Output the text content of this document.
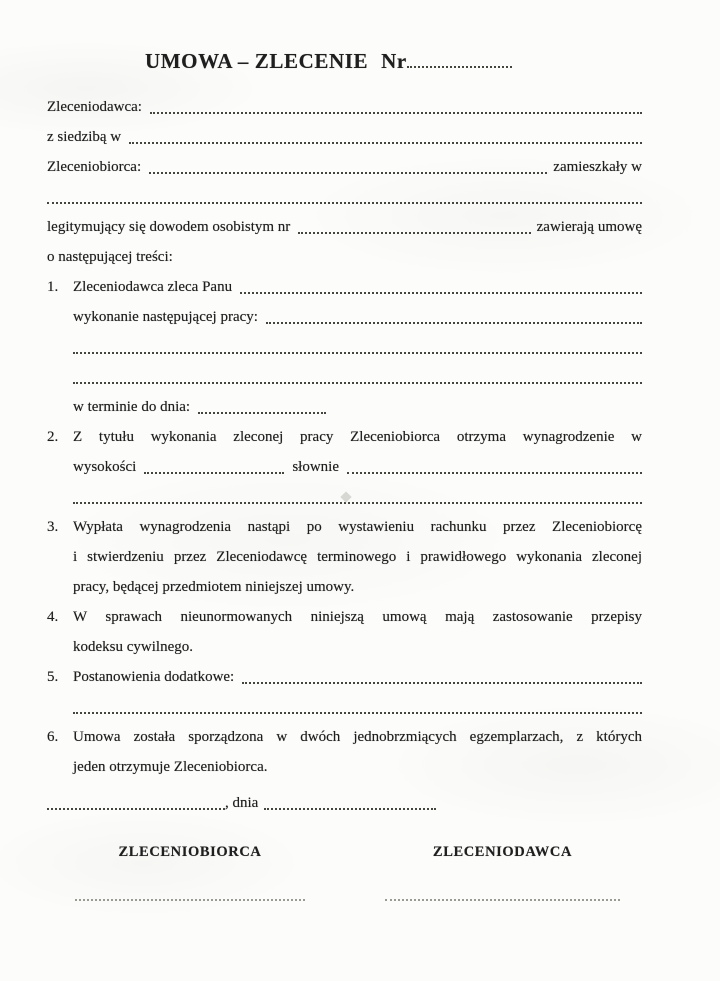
UMOWA – ZLECENIE Nr
Zleceniodawca:
z siedzibą w
Zleceniobiorca:	zamieszkały w
legitymujący się dowodem osobistym nr	zawierają umowę
o następującej treści:
1. Zleceniodawca zleca Panu
wykonanie następującej pracy:
w terminie do dnia:
2. Z tytułu wykonania zleconej pracy Zleceniobiorca otrzyma wynagrodzenie w
wysokości	słownie
3. Wypłata wynagrodzenia nastąpi po wystawieniu rachunku przez Zleceniobiorcę
i stwierdzeniu przez Zleceniodawcę terminowego i prawidłowego wykonania zleconej
pracy, będącej przedmiotem niniejszej umowy.
4. W sprawach nieunormowanych niniejszą umową mają zastosowanie przepisy
kodeksu cywilnego.
5. Postanowienia dodatkowe:
6. Umowa została sporządzona w dwóch jednobrzmiących egzemplarzach, z których
jeden otrzymuje Zleceniobiorca.
, dnia
ZLECENIOBIORCA	ZLECENIODAWCA
